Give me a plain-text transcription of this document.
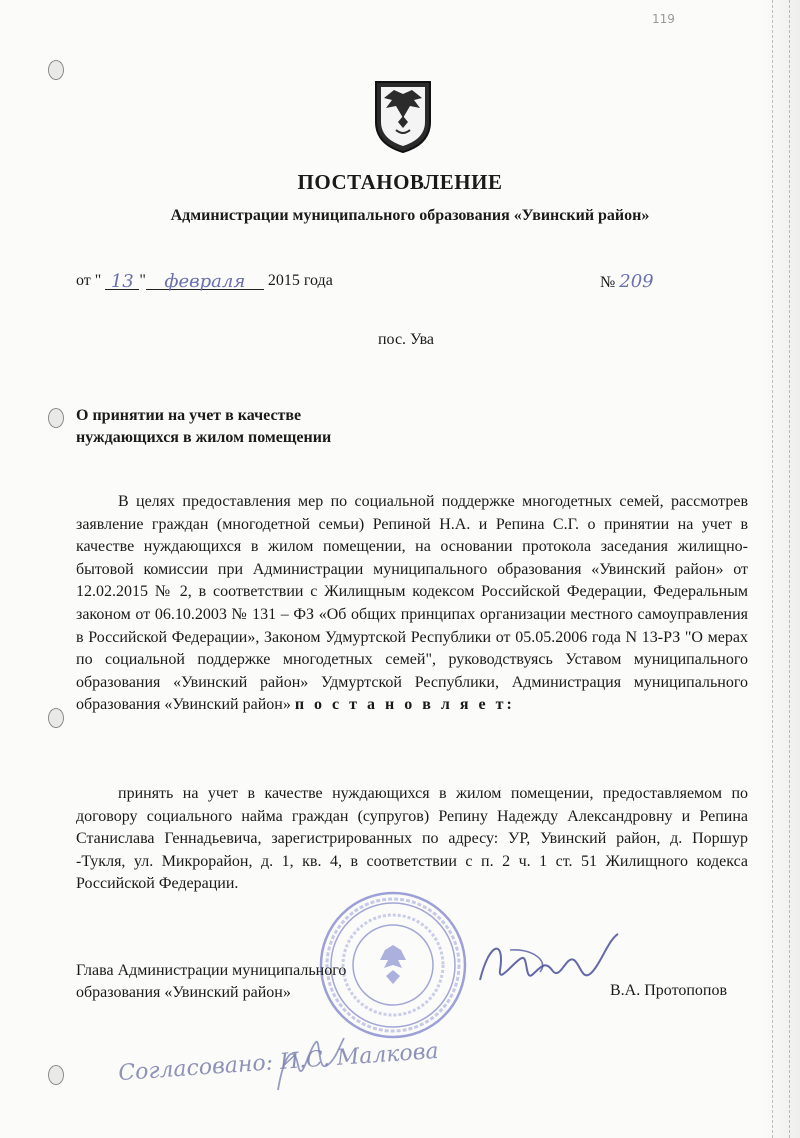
119
ПОСТАНОВЛЕНИЕ
Администрации муниципального образования «Увинский район»
от " 13 " февраля 2015 года	№ 209
пос. Ува
О принятии на учет в качестве
нуждающихся в жилом помещении
В целях предоставления мер по социальной поддержке многодетных семей, рассмотрев заявление граждан (многодетной семьи) Репиной Н.А. и Репина С.Г. о принятии на учет в качестве нуждающихся в жилом помещении, на основании протокола заседания жилищно-бытовой комиссии при Администрации муниципального образования «Увинский район» от 12.02.2015 № 2, в соответствии с Жилищным кодексом Российской Федерации, Федеральным законом от 06.10.2003 № 131 – ФЗ «Об общих принципах организации местного самоуправления в Российской Федерации», Законом Удмуртской Республики от 05.05.2006 года N 13-РЗ "О мерах по социальной поддержке многодетных семей", руководствуясь Уставом муниципального образования «Увинский район» Удмуртской Республики, Администрация муниципального образования «Увинский район» п о с т а н о в л я е т:
принять на учет в качестве нуждающихся в жилом помещении, предоставляемом по договору социального найма граждан (супругов) Репину Надежду Александровну и Репина Станислава Геннадьевича, зарегистрированных по адресу: УР, Увинский район, д. Поршур -Тукля, ул. Микрорайон, д. 1, кв. 4, в соответствии с п. 2 ч. 1 ст. 51 Жилищного кодекса Российской Федерации.
Глава Администрации муниципального
образования «Увинский район»	В.А. Протопопов
Согласовано: И.С. Малкова
